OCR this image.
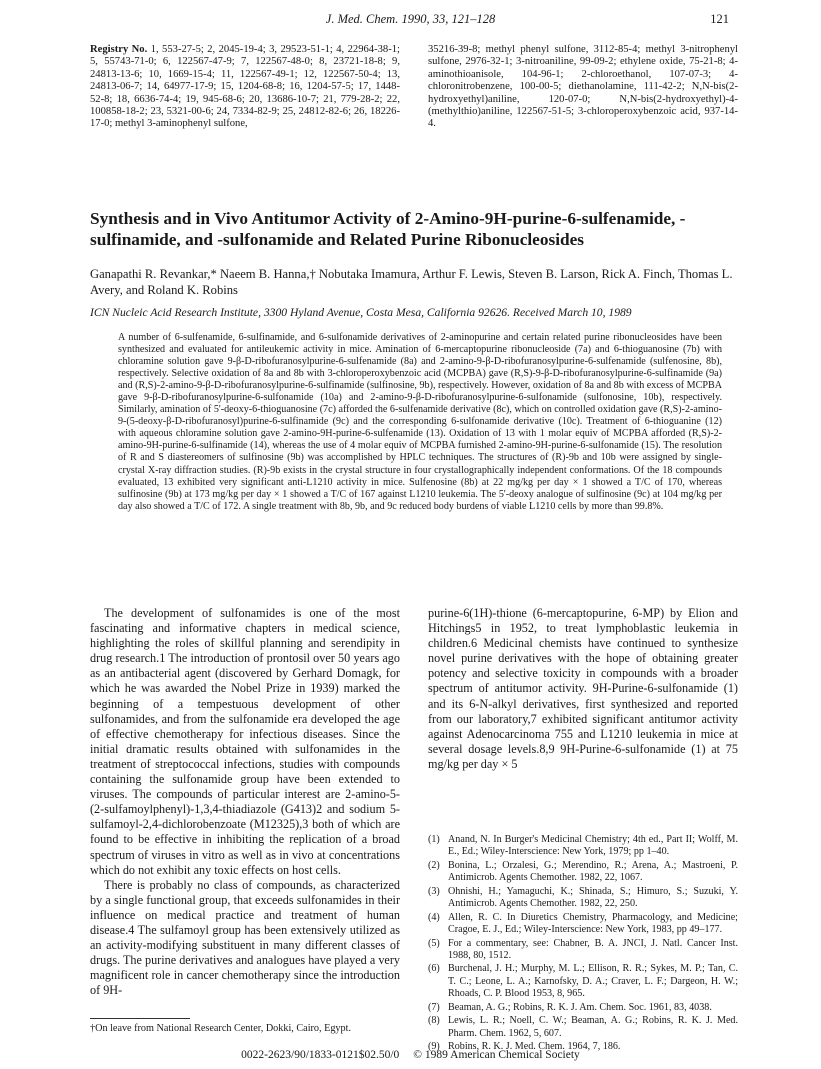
J. Med. Chem. 1990, 33, 121–128	121
Registry No. 1, 553-27-5; 2, 2045-19-4; 3, 29523-51-1; 4, 22964-38-1; 5, 55743-71-0; 6, 122567-47-9; 7, 122567-48-0; 8, 23721-18-8; 9, 24813-13-6; 10, 1669-15-4; 11, 122567-49-1; 12, 122567-50-4; 13, 24813-06-7; 14, 64977-17-9; 15, 1204-68-8; 16, 1204-57-5; 17, 1448-52-8; 18, 6636-74-4; 19, 945-68-6; 20, 13686-10-7; 21, 779-28-2; 22, 100858-18-2; 23, 5321-00-6; 24, 7334-82-9; 25, 24812-82-6; 26, 18226-17-0; methyl 3-aminophenyl sulfone,
35216-39-8; methyl phenyl sulfone, 3112-85-4; methyl 3-nitrophenyl sulfone, 2976-32-1; 3-nitroaniline, 99-09-2; ethylene oxide, 75-21-8; 4-aminothioanisole, 104-96-1; 2-chloroethanol, 107-07-3; 4-chloronitrobenzene, 100-00-5; diethanolamine, 111-42-2; N,N-bis(2-hydroxyethyl)aniline, 120-07-0; N,N-bis(2-hydroxyethyl)-4-(methylthio)aniline, 122567-51-5; 3-chloroperoxybenzoic acid, 937-14-4.
Synthesis and in Vivo Antitumor Activity of 2-Amino-9H-purine-6-sulfenamide, -sulfinamide, and -sulfonamide and Related Purine Ribonucleosides
Ganapathi R. Revankar,* Naeem B. Hanna,† Nobutaka Imamura, Arthur F. Lewis, Steven B. Larson, Rick A. Finch, Thomas L. Avery, and Roland K. Robins
ICN Nucleic Acid Research Institute, 3300 Hyland Avenue, Costa Mesa, California 92626. Received March 10, 1989
A number of 6-sulfenamide, 6-sulfinamide, and 6-sulfonamide derivatives of 2-aminopurine and certain related purine ribonucleosides have been synthesized and evaluated for antileukemic activity in mice. Amination of 6-mercaptopurine ribonucleoside (7a) and 6-thioguanosine (7b) with chloramine solution gave 9-β-D-ribofuranosylpurine-6-sulfenamide (8a) and 2-amino-9-β-D-ribofuranosylpurine-6-sulfenamide (sulfenosine, 8b), respectively. Selective oxidation of 8a and 8b with 3-chloroperoxybenzoic acid (MCPBA) gave (R,S)-9-β-D-ribofuranosylpurine-6-sulfinamide (9a) and (R,S)-2-amino-9-β-D-ribofuranosylpurine-6-sulfinamide (sulfinosine, 9b), respectively. However, oxidation of 8a and 8b with excess of MCPBA gave 9-β-D-ribofuranosylpurine-6-sulfonamide (10a) and 2-amino-9-β-D-ribofuranosylpurine-6-sulfonamide (sulfonosine, 10b), respectively. Similarly, amination of 5'-deoxy-6-thioguanosine (7c) afforded the 6-sulfenamide derivative (8c), which on controlled oxidation gave (R,S)-2-amino-9-(5-deoxy-β-D-ribofuranosyl)purine-6-sulfinamide (9c) and the corresponding 6-sulfonamide derivative (10c). Treatment of 6-thioguanine (12) with aqueous chloramine solution gave 2-amino-9H-purine-6-sulfenamide (13). Oxidation of 13 with 1 molar equiv of MCPBA afforded (R,S)-2-amino-9H-purine-6-sulfinamide (14), whereas the use of 4 molar equiv of MCPBA furnished 2-amino-9H-purine-6-sulfonamide (15). The resolution of R and S diastereomers of sulfinosine (9b) was accomplished by HPLC techniques. The structures of (R)-9b and 10b were assigned by single-crystal X-ray diffraction studies. (R)-9b exists in the crystal structure in four crystallographically independent conformations. Of the 18 compounds evaluated, 13 exhibited very significant anti-L1210 activity in mice. Sulfenosine (8b) at 22 mg/kg per day × 1 showed a T/C of 170, whereas sulfinosine (9b) at 173 mg/kg per day × 1 showed a T/C of 167 against L1210 leukemia. The 5'-deoxy analogue of sulfinosine (9c) at 104 mg/kg per day also showed a T/C of 172. A single treatment with 8b, 9b, and 9c reduced body burdens of viable L1210 cells by more than 99.8%.

The development of sulfonamides is one of the most fascinating and informative chapters in medical science, highlighting the roles of skillful planning and serendipity in drug research.1 The introduction of prontosil over 50 years ago as an antibacterial agent (discovered by Gerhard Domagk, for which he was awarded the Nobel Prize in 1939) marked the beginning of a tempestuous development of other sulfonamides, and from the sulfonamide era developed the age of effective chemotherapy for infectious diseases. Since the initial dramatic results obtained with sulfonamides in the treatment of streptococcal infections, studies with compounds containing the sulfonamide group have been extended to viruses. The compounds of particular interest are 2-amino-5-(2-sulfamoylphenyl)-1,3,4-thiadiazole (G413)2 and sodium 5-sulfamoyl-2,4-dichlorobenzoate (M12325),3 both of which are found to be effective in inhibiting the replication of a broad spectrum of viruses in vitro as well as in vivo at concentrations which do not exhibit any toxic effects on host cells.

There is probably no class of compounds, as characterized by a single functional group, that exceeds sulfonamides in their influence on medical practice and treatment of human disease.4 The sulfamoyl group has been extensively utilized as an activity-modifying substituent in many different classes of drugs. The purine derivatives and analogues have played a very magnificent role in cancer chemotherapy since the introduction of 9H-

purine-6(1H)-thione (6-mercaptopurine, 6-MP) by Elion and Hitchings5 in 1952, to treat lymphoblastic leukemia in children.6 Medicinal chemists have continued to synthesize novel purine derivatives with the hope of obtaining greater potency and selective toxicity in compounds with a broader spectrum of antitumor activity. 9H-Purine-6-sulfonamide (1) and its 6-N-alkyl derivatives, first synthesized and reported from our laboratory,7 exhibited significant antitumor activity against Adenocarcinoma 755 and L1210 leukemia in mice at several dosage levels.8,9 9H-Purine-6-sulfonamide (1) at 75 mg/kg per day × 5

(1) Anand, N. In Burger's Medicinal Chemistry; 4th ed., Part II; Wolff, M. E., Ed.; Wiley-Interscience: New York, 1979; pp 1–40.
(2) Bonina, L.; Orzalesi, G.; Merendino, R.; Arena, A.; Mastroeni, P. Antimicrob. Agents Chemother. 1982, 22, 1067.
(3) Ohnishi, H.; Yamaguchi, K.; Shinada, S.; Himuro, S.; Suzuki, Y. Antimicrob. Agents Chemother. 1982, 22, 250.
(4) Allen, R. C. In Diuretics Chemistry, Pharmacology, and Medicine; Cragoe, E. J., Ed.; Wiley-Interscience: New York, 1983, pp 49–177.
(5) For a commentary, see: Chabner, B. A. JNCI, J. Natl. Cancer Inst. 1988, 80, 1512.
(6) Burchenal, J. H.; Murphy, M. L.; Ellison, R. R.; Sykes, M. P.; Tan, C. T. C.; Leone, L. A.; Karnofsky, D. A.; Craver, L. F.; Dargeon, H. W.; Rhoads, C. P. Blood 1953, 8, 965.
(7) Beaman, A. G.; Robins, R. K. J. Am. Chem. Soc. 1961, 83, 4038.
(8) Lewis, L. R.; Noell, C. W.; Beaman, A. G.; Robins, R. K. J. Med. Pharm. Chem. 1962, 5, 607.
(9) Robins, R. K. J. Med. Chem. 1964, 7, 186.
†On leave from National Research Center, Dokki, Cairo, Egypt.
0022-2623/90/1833-0121$02.50/0 © 1989 American Chemical Society
